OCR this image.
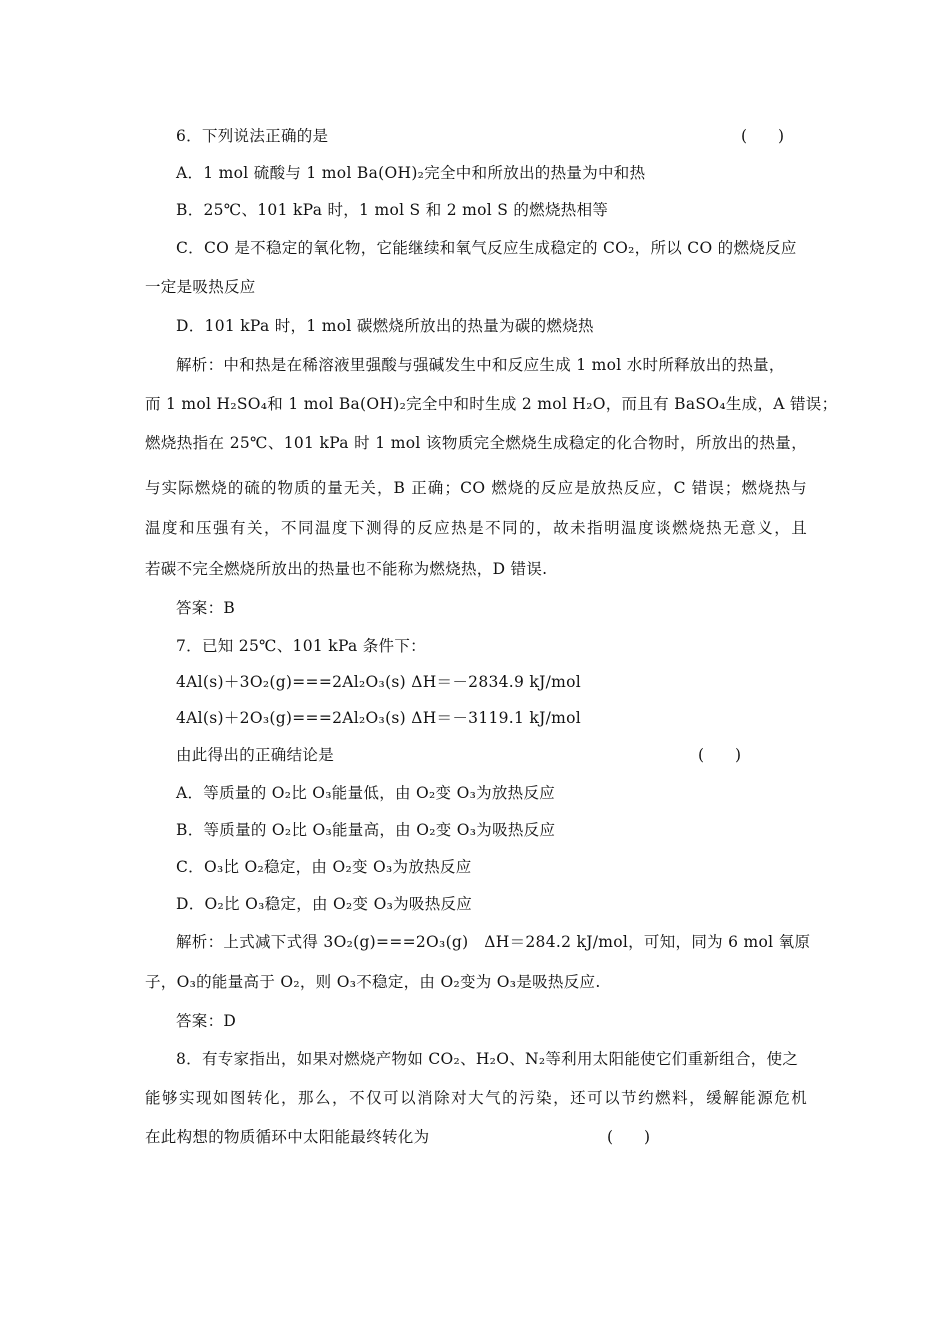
6．下列说法正确的是	(　　)
A．1 mol 硫酸与 1 mol Ba(OH)₂完全中和所放出的热量为中和热
B．25℃、101 kPa 时，1 mol S 和 2 mol S 的燃烧热相等
C．CO 是不稳定的氧化物，它能继续和氧气反应生成稳定的 CO₂，所以 CO 的燃烧反应
一定是吸热反应
D．101 kPa 时，1 mol 碳燃烧所放出的热量为碳的燃烧热
解析：中和热是在稀溶液里强酸与强碱发生中和反应生成 1 mol 水时所释放出的热量，
而 1 mol H₂SO₄和 1 mol Ba(OH)₂完全中和时生成 2 mol H₂O，而且有 BaSO₄生成，A 错误；
燃烧热指在 25℃、101 kPa 时 1 mol 该物质完全燃烧生成稳定的化合物时，所放出的热量，
与实际燃烧的硫的物质的量无关，B 正确；CO 燃烧的反应是放热反应，C 错误；燃烧热与
温度和压强有关，不同温度下测得的反应热是不同的，故未指明温度谈燃烧热无意义，且
若碳不完全燃烧所放出的热量也不能称为燃烧热，D 错误.
答案：B
7．已知 25℃、101 kPa 条件下：
4Al(s)＋3O₂(g)===2Al₂O₃(s) ΔH＝－2834.9 kJ/mol
4Al(s)＋2O₃(g)===2Al₂O₃(s) ΔH＝－3119.1 kJ/mol
由此得出的正确结论是	(　　)
A．等质量的 O₂比 O₃能量低，由 O₂变 O₃为放热反应
B．等质量的 O₂比 O₃能量高，由 O₂变 O₃为吸热反应
C．O₃比 O₂稳定，由 O₂变 O₃为放热反应
D．O₂比 O₃稳定，由 O₂变 O₃为吸热反应
解析：上式减下式得 3O₂(g)===2O₃(g)　ΔH＝284.2 kJ/mol，可知，同为 6 mol 氧原
子，O₃的能量高于 O₂，则 O₃不稳定，由 O₂变为 O₃是吸热反应.
答案：D
8．有专家指出，如果对燃烧产物如 CO₂、H₂O、N₂等利用太阳能使它们重新组合，使之
能够实现如图转化，那么，不仅可以消除对大气的污染，还可以节约燃料，缓解能源危机
在此构想的物质循环中太阳能最终转化为	(　　)
